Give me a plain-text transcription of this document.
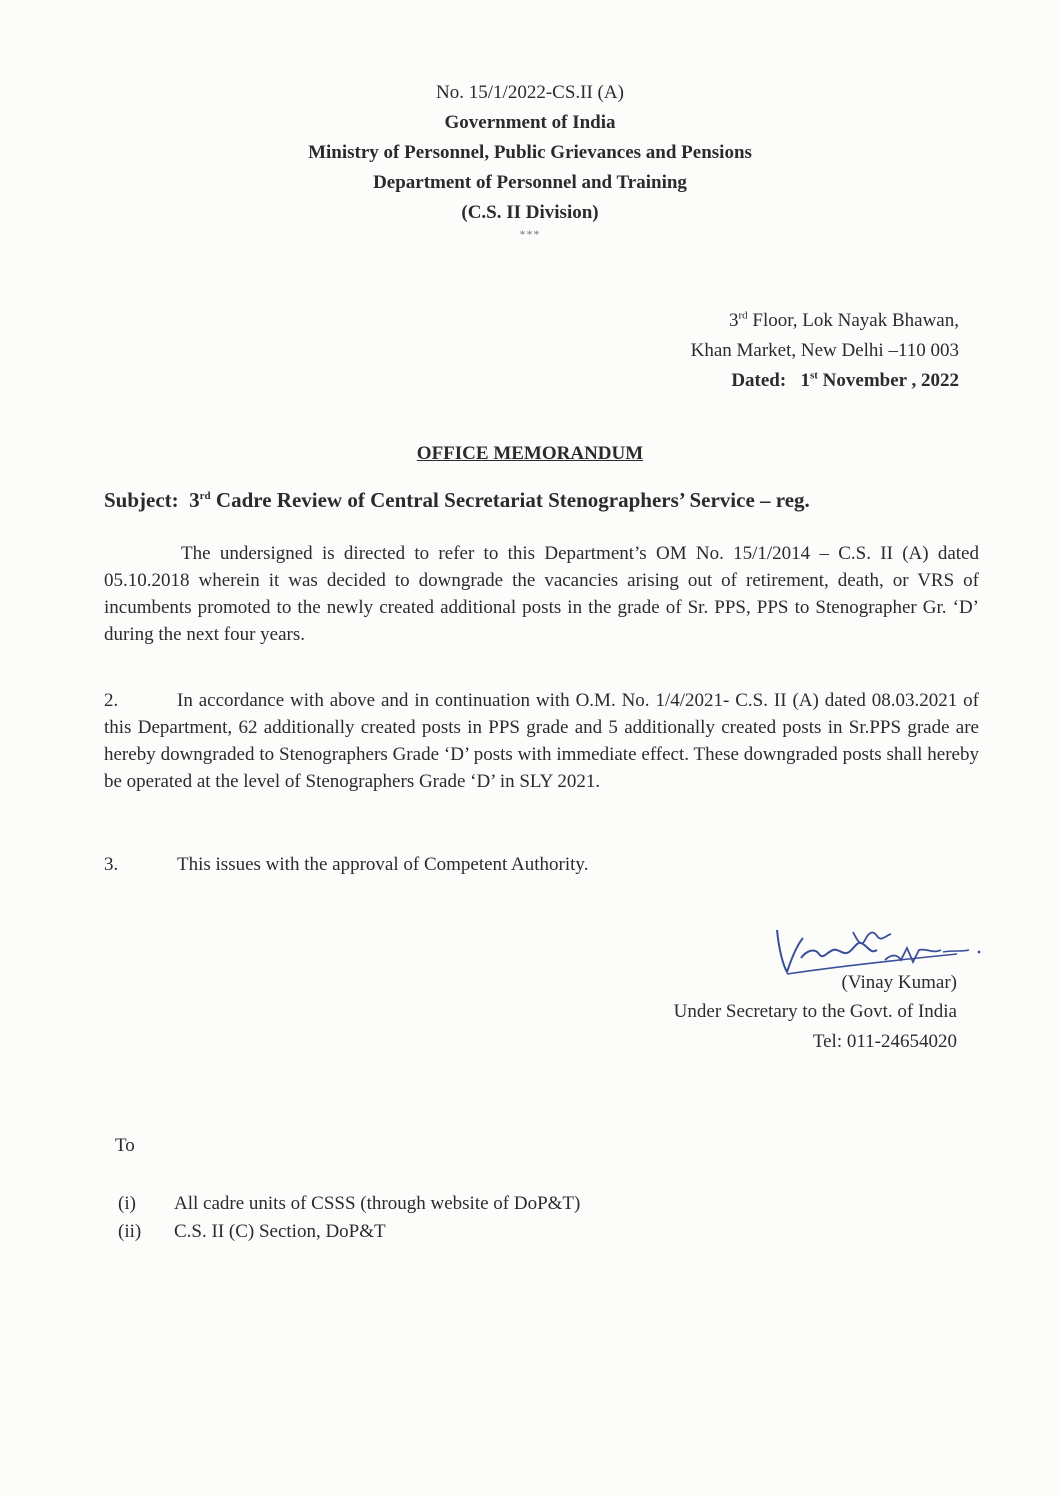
No. 15/1/2022-CS.II (A)
Government of India
Ministry of Personnel, Public Grievances and Pensions
Department of Personnel and Training
(C.S. II Division)
***
3rd Floor, Lok Nayak Bhawan,
Khan Market, New Delhi –110 003
Dated: 1st November , 2022
OFFICE MEMORANDUM
Subject: 3rd Cadre Review of Central Secretariat Stenographers’ Service – reg.
The undersigned is directed to refer to this Department’s OM No. 15/1/2014 – C.S. II (A) dated 05.10.2018 wherein it was decided to downgrade the vacancies arising out of retirement, death, or VRS of incumbents promoted to the newly created additional posts in the grade of Sr. PPS, PPS to Stenographer Gr. ‘D’ during the next four years.
2.	In accordance with above and in continuation with O.M. No. 1/4/2021- C.S. II (A) dated 08.03.2021 of this Department, 62 additionally created posts in PPS grade and 5 additionally created posts in Sr.PPS grade are hereby downgraded to Stenographers Grade ‘D’ posts with immediate effect. These downgraded posts shall hereby be operated at the level of Stenographers Grade ‘D’ in SLY 2021.
3.	This issues with the approval of Competent Authority.
(Vinay Kumar)
Under Secretary to the Govt. of India
Tel: 011-24654020
To
(i)	All cadre units of CSSS (through website of DoP&T)
(ii)	C.S. II (C) Section, DoP&T
